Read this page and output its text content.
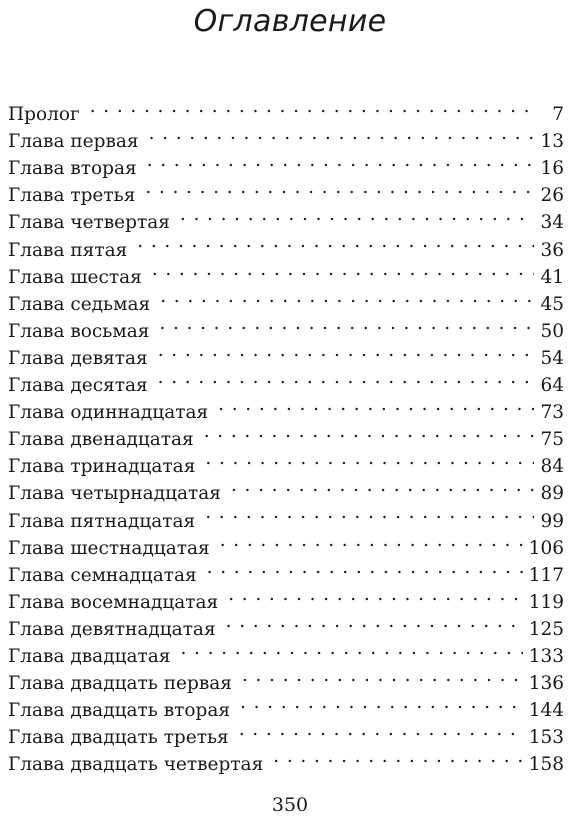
Оглавление
Пролог . . .	7
Глава первая . . .	13
Глава вторая . . .	16
Глава третья . . .	26
Глава четвертая . . .	34
Глава пятая . . .	36
Глава шестая . . .	41
Глава седьмая . . .	45
Глава восьмая . . .	50
Глава девятая . . .	54
Глава десятая . . .	64
Глава одиннадцатая . . .	73
Глава двенадцатая . . .	75
Глава тринадцатая . . .	84
Глава четырнадцатая . . .	89
Глава пятнадцатая . . .	99
Глава шестнадцатая . . .	106
Глава семнадцатая . . .	117
Глава восемнадцатая . . .	119
Глава девятнадцатая . . .	125
Глава двадцатая . . .	133
Глава двадцать первая . . .	136
Глава двадцать вторая . . .	144
Глава двадцать третья . . .	153
Глава двадцать четвертая . . .	158
350
